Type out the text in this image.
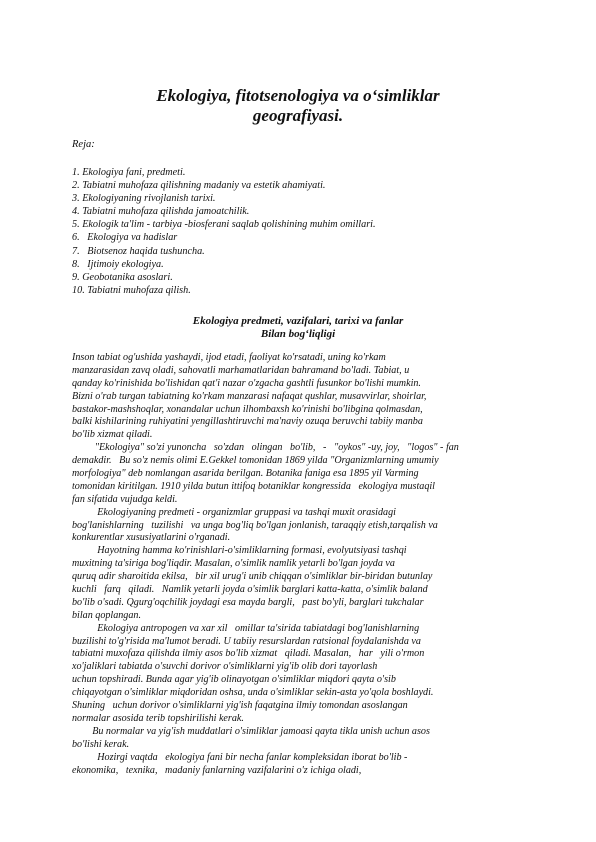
Ekologiya, fitotsenologiya va o‘simliklar
geografiyasi.
Reja:
1. Ekologiya fani, predmeti.
2. Tabiatni muhofaza qilishning madaniy va estetik ahamiyati.
3. Ekologiyaning rivojlanish tarixi.
4. Tabiatni muhofaza qilishda jamoatchilik.
5. Ekologik ta'lim - tarbiya -biosferani saqlab qolishining muhim omillari.
6.   Ekologiya va hadislar
7.   Biotsenoz haqida tushuncha.
8.   Ijtimoiy ekologiya.
9. Geobotanika asoslari.
10. Tabiatni muhofaza qilish.
Ekologiya predmeti, vazifalari, tarixi va fanlar
Bilan bog‘liqligi
Inson tabiat og'ushida yashaydi, ijod etadi, faoliyat ko'rsatadi, uning ko'rkam
manzarasidan zavq oladi, sahovatli marhamatlaridan bahramand bo'ladi. Tabiat, u
qanday ko'rinishida bo'lishidan qat'i nazar o'zgacha gashtli fusunkor bo'lishi mumkin.
Bizni o'rab turgan tabiatning ko'rkam manzarasi nafaqat qushlar, musavvirlar, shoirlar,
bastakor-mashshoqlar, xonandalar uchun ilhombaxsh ko'rinishi bo'libgina qolmasdan,
balki kishilarining ruhiyatini yengillashtiruvchi ma'naviy ozuqa beruvchi tabiiy manba
bo'lib xizmat qiladi.
"Ekologiya" so'zi yunoncha   so'zdan   olingan   bo'lib,   -   "oykos" -uy, joy,   "logos" - fan
demakdir.   Bu so'z nemis olimi E.Gekkel tomonidan 1869 yilda "Organizmlarning umumiy
morfologiya" deb nomlangan asarida berilgan. Botanika faniga esa 1895 yil Varming
tomonidan kiritilgan. 1910 yilda butun ittifoq botaniklar kongressida   ekologiya mustaqil
fan sifatida vujudga keldi.
Ekologiyaning predmeti - organizmlar gruppasi va tashqi muxit orasidagi
bog'lanishlarning   tuzilishi   va unga bog'liq bo'lgan jonlanish, taraqqiy etish,tarqalish va
konkurentlar xususiyatlarini o'rganadi.
Hayotning hamma ko'rinishlari-o'simliklarning formasi, evolyutsiyasi tashqi
muxitning ta'siriga bog'liqdir. Masalan, o'simlik namlik yetarli bo'lgan joyda va
quruq adir sharoitida ekilsa,   bir xil urug'i unib chiqqan o'simliklar bir-biridan butunlay
kuchli   farq   qiladi.   Namlik yetarli joyda o'simlik barglari katta-katta, o'simlik baland
bo'lib o'sadi. Qgurg'oqchilik joydagi esa mayda bargli,   past bo'yli, barglari tukchalar
bilan qoplangan.
Ekologiya antropogen va xar xil   omillar ta'sirida tabiatdagi bog'lanishlarning
buzilishi to'g'risida ma'lumot beradi. U tabiiy resurslardan ratsional foydalanishda va
tabiatni muxofaza qilishda ilmiy asos bo'lib xizmat   qiladi. Masalan,   har   yili o'rmon
xo'jaliklari tabiatda o'suvchi dorivor o'simliklarni yig'ib olib dori tayorlash
uchun topshiradi. Bunda agar yig'ib olinayotgan o'simliklar miqdori qayta o'sib
chiqayotgan o'simliklar miqdoridan oshsa, unda o'simliklar sekin-asta yo'qola boshlaydi.
Shuning   uchun dorivor o'simliklarni yig'ish faqatgina ilmiy tomondan asoslangan
normalar asosida terib topshirilishi kerak.
Bu normalar va yig'ish muddatlari o'simliklar jamoasi qayta tikla unish uchun asos
bo'lishi kerak.
Hozirgi vaqtda   ekologiya fani bir necha fanlar kompleksidan iborat bo'lib -
ekonomika,   texnika,   madaniy fanlarning vazifalarini o'z ichiga oladi,
